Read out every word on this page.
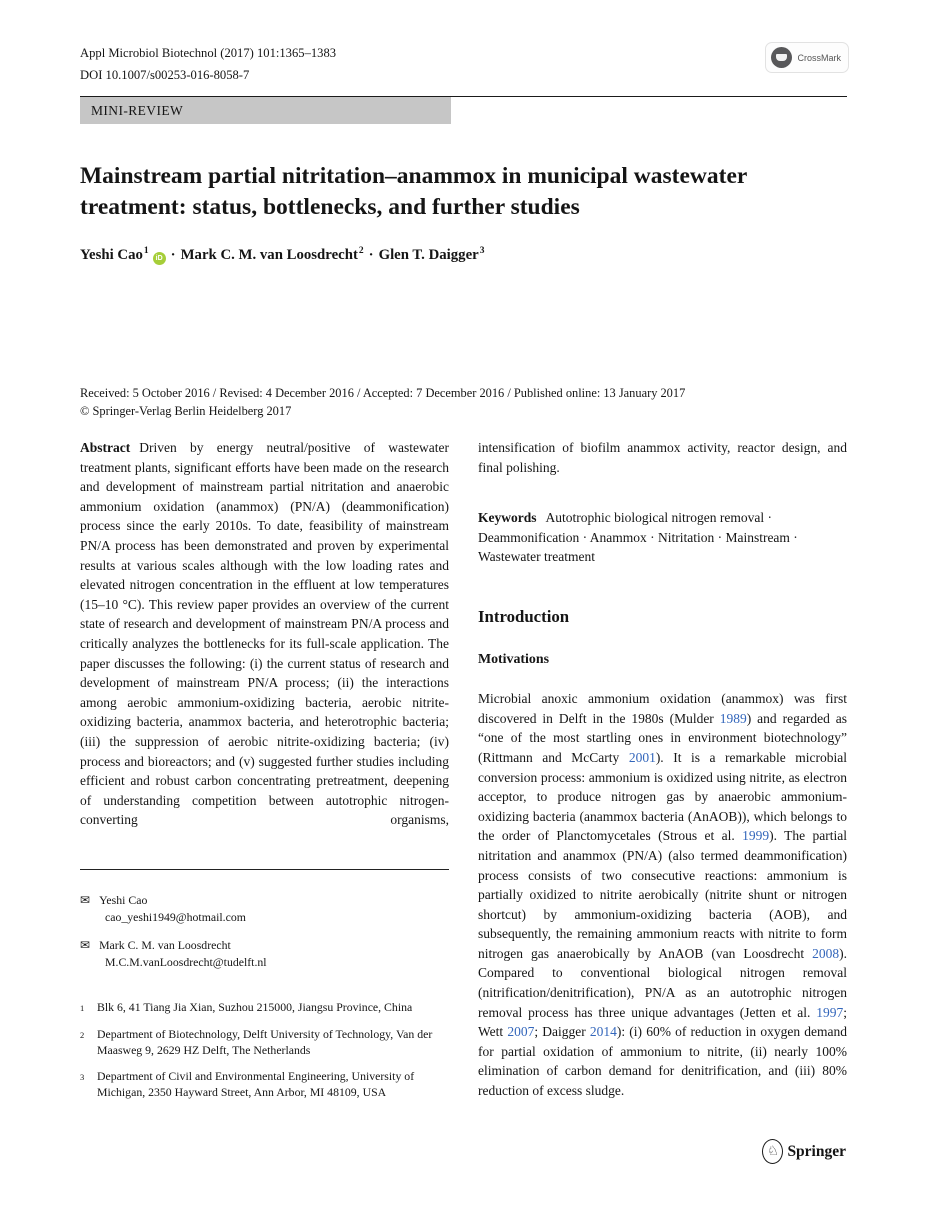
Appl Microbiol Biotechnol (2017) 101:1365–1383
DOI 10.1007/s00253-016-8058-7
CrossMark
MINI-REVIEW
Mainstream partial nitritation–anammox in municipal wastewater treatment: status, bottlenecks, and further studies
Yeshi Cao$^1$iD · Mark C. M. van Loosdrecht$^2$ · Glen T. Daigger$^3$
Received: 5 October 2016 / Revised: 4 December 2016 / Accepted: 7 December 2016 / Published online: 13 January 2017
© Springer-Verlag Berlin Heidelberg 2017

Abstract Driven by energy neutral/positive of wastewater treatment plants, significant efforts have been made on the research and development of mainstream partial nitritation and anaerobic ammonium oxidation (anammox) (PN/A) (deammonification) process since the early 2010s. To date, feasibility of mainstream PN/A process has been demonstrated and proven by experimental results at various scales although with the low loading rates and elevated nitrogen concentration in the effluent at low temperatures (15–10 °C). This review paper provides an overview of the current state of research and development of mainstream PN/A process and critically analyzes the bottlenecks for its full-scale application. The paper discusses the following: (i) the current status of research and development of mainstream PN/A process; (ii) the interactions among aerobic ammonium-oxidizing bacteria, aerobic nitrite-oxidizing bacteria, anammox bacteria, and heterotrophic bacteria; (iii) the suppression of aerobic nitrite-oxidizing bacteria; (iv) process and bioreactors; and (v) suggested further studies including efficient and robust carbon concentrating pretreatment, deepening of understanding competition between autotrophic nitrogen-converting organisms,

intensification of biofilm anammox activity, reactor design, and final polishing.

Keywords Autotrophic biological nitrogen removal · Deammonification · Anammox · Nitritation · Mainstream · Wastewater treatment

Introduction
Motivations

Microbial anoxic ammonium oxidation (anammox) was first discovered in Delft in the 1980s (Mulder 1989) and regarded as “one of the most startling ones in environment biotechnology” (Rittmann and McCarty 2001). It is a remarkable microbial conversion process: ammonium is oxidized using nitrite, as electron acceptor, to produce nitrogen gas by anaerobic ammonium-oxidizing bacteria (anammox bacteria (AnAOB)), which belongs to the order of Planctomycetales (Strous et al. 1999). The partial nitritation and anammox (PN/A) (also termed deammonification) process consists of two consecutive reactions: ammonium is partially oxidized to nitrite aerobically (nitrite shunt or nitrogen shortcut) by ammonium-oxidizing bacteria (AOB), and subsequently, the remaining ammonium reacts with nitrite to form nitrogen gas anaerobically by AnAOB (van Loosdrecht 2008). Compared to conventional biological nitrogen removal (nitrification/denitrification), PN/A as an autotrophic nitrogen removal process has three unique advantages (Jetten et al. 1997; Wett 2007; Daigger 2014): (i) 60% of reduction in oxygen demand for partial oxidation of ammonium to nitrite, (ii) nearly 100% elimination of carbon demand for denitrification, and (iii) 80% reduction of excess sludge.

✉ Yeshi Cao
cao_yeshi1949@hotmail.com
✉ Mark C. M. van Loosdrecht
M.C.M.vanLoosdrecht@tudelft.nl
1	Blk 6, 41 Tiang Jia Xian, Suzhou 215000, Jiangsu Province, China
2	Department of Biotechnology, Delft University of Technology, Van der Maasweg 9, 2629 HZ Delft, The Netherlands
3	Department of Civil and Environmental Engineering, University of Michigan, 2350 Hayward Street, Ann Arbor, MI 48109, USA
♘ Springer
